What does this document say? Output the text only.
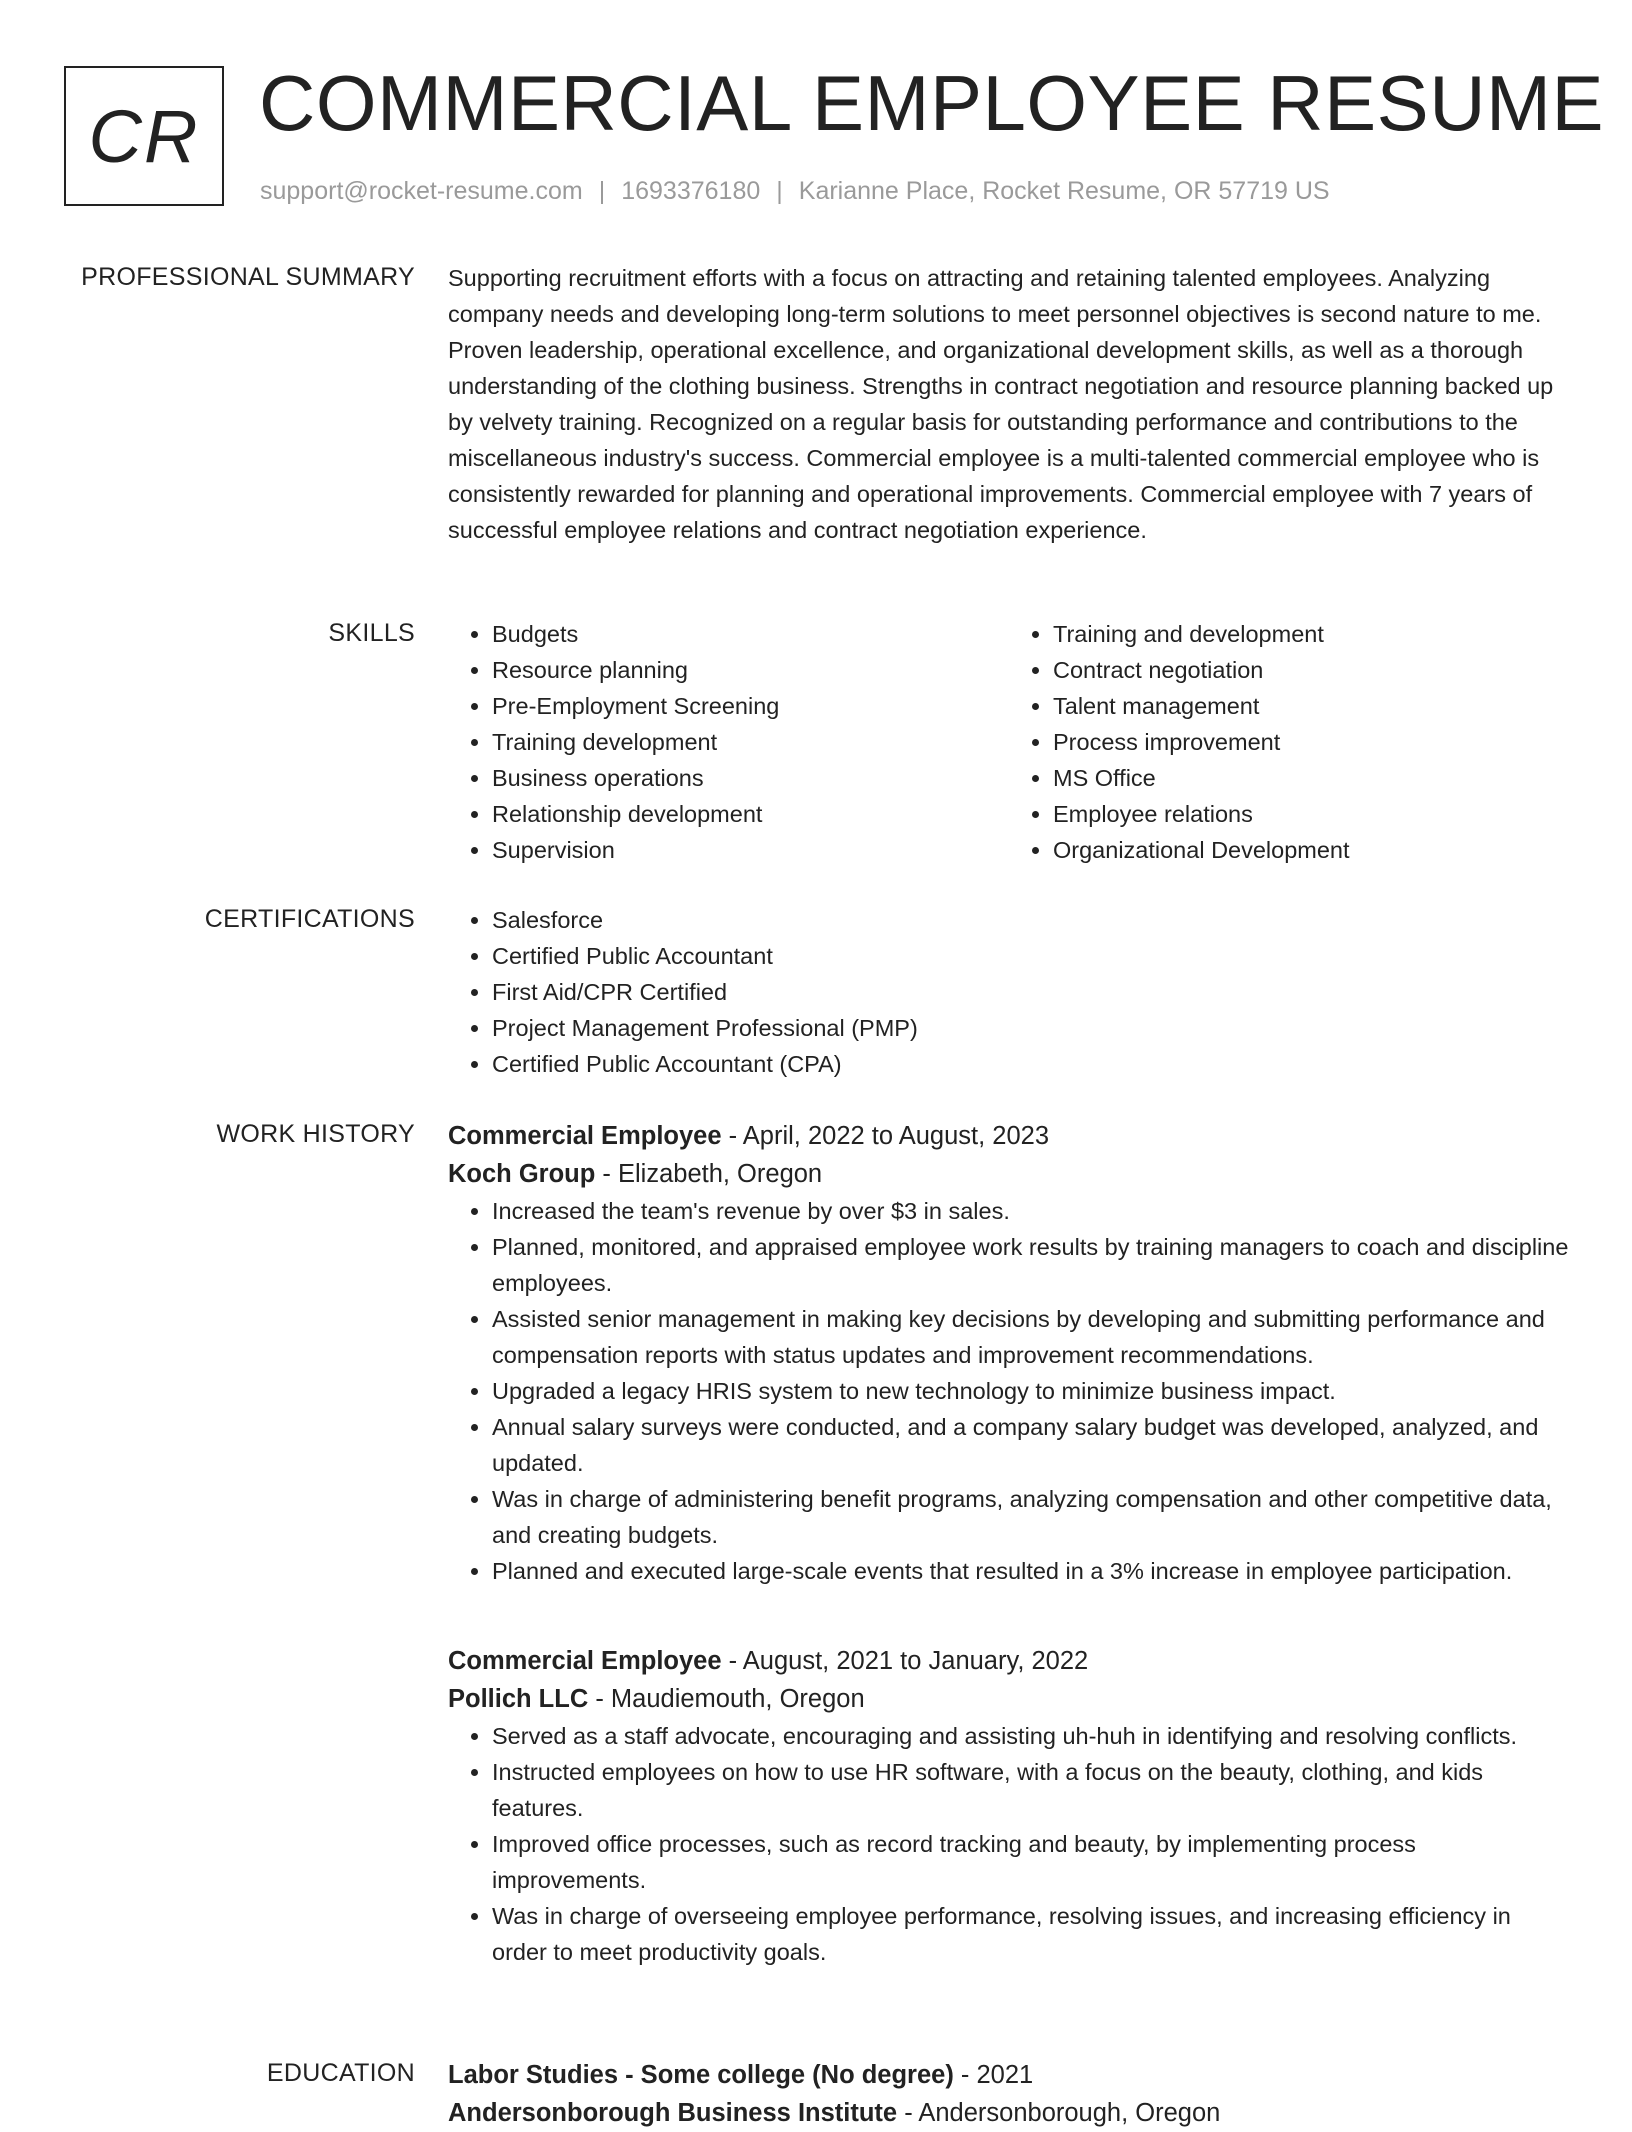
CR COMMERCIAL EMPLOYEE RESUME
support@rocket-resume.com | 1693376180 | Karianne Place, Rocket Resume, OR 57719 US
PROFESSIONAL SUMMARY Supporting recruitment efforts with a focus on attracting and retaining talented employees. Analyzing company needs and developing long-term solutions to meet personnel objectives is second nature to me. Proven leadership, operational excellence, and organizational development skills, as well as a thorough understanding of the clothing business. Strengths in contract negotiation and resource planning backed up by velvety training. Recognized on a regular basis for outstanding performance and contributions to the miscellaneous industry's success. Commercial employee is a multi-talented commercial employee who is consistently rewarded for planning and operational improvements. Commercial employee with 7 years of successful employee relations and contract negotiation experience.

SKILLS	• Budgets
• Resource planning
• Pre-Employment Screening
• Training development
• Business operations
• Relationship development
• Supervision
• Training and development
• Contract negotiation
• Talent management
• Process improvement
• MS Office
• Employee relations
• Organizational Development
CERTIFICATIONS	• Salesforce
• Certified Public Accountant
• First Aid/CPR Certified
• Project Management Professional (PMP)
• Certified Public Accountant (CPA)
WORK HISTORY Commercial Employee - April, 2022 to August, 2023
Koch Group - Elizabeth, Oregon
• Increased the team's revenue by over $3 in sales.
• Planned, monitored, and appraised employee work results by training managers to coach and discipline employees.
• Assisted senior management in making key decisions by developing and submitting performance and compensation reports with status updates and improvement recommendations.
• Upgraded a legacy HRIS system to new technology to minimize business impact.
• Annual salary surveys were conducted, and a company salary budget was developed, analyzed, and updated.
• Was in charge of administering benefit programs, analyzing compensation and other competitive data, and creating budgets.
• Planned and executed large-scale events that resulted in a 3% increase in employee participation.
Commercial Employee - August, 2021 to January, 2022
Pollich LLC - Maudiemouth, Oregon
• Served as a staff advocate, encouraging and assisting uh-huh in identifying and resolving conflicts.
• Instructed employees on how to use HR software, with a focus on the beauty, clothing, and kids features.
• Improved office processes, such as record tracking and beauty, by implementing process improvements.
• Was in charge of overseeing employee performance, resolving issues, and increasing efficiency in order to meet productivity goals.
EDUCATION Labor Studies - Some college (No degree) - 2021
Andersonborough Business Institute - Andersonborough, Oregon
